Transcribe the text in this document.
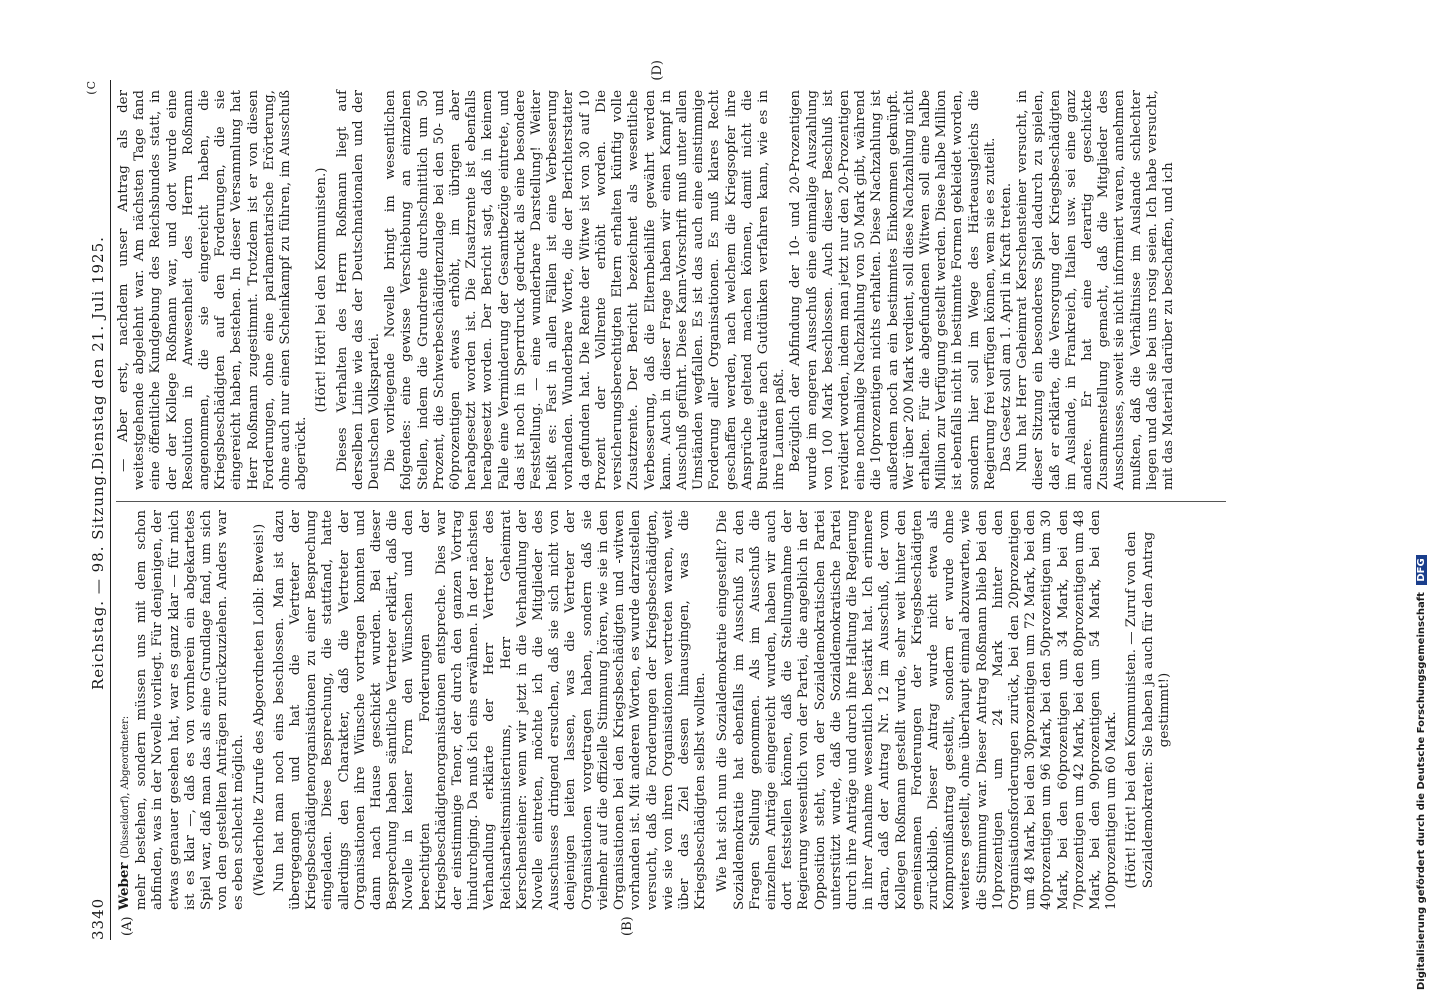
3340
Reichstag. — 98. Sitzung.
Dienstag den 21. Juli 1925.
(C
(A)	(B)
(D)

Weber (Düsseldorf), Abgeordneter: mehr bestehen, sondern müssen uns mit dem schon abfinden, was in der Novelle vorliegt. Für denjenigen, der etwas genauer gesehen hat, war es ganz klar — für mich ist es klar —, daß es von vornherein ein abgekartetes Spiel war, daß man das als eine Grundlage fand, um sich von den gestellten Anträgen zurückzuziehen. Anders war es eben schlecht möglich. (Wiederholte Zurufe des Abgeordneten Loibl: Beweis!) Nun hat man noch eins beschlossen. Man ist dazu übergegangen und hat die Vertreter der Kriegsbeschädigtenorganisationen zu einer Besprechung eingeladen. Diese Besprechung, die stattfand, hatte allerdings den Charakter, daß die Vertreter der Organisationen ihre Wünsche vortragen konnten und dann nach Hause geschickt wurden. Bei dieser Besprechung haben sämtliche Vertreter erklärt, daß die Novelle in keiner Form den Wünschen und den berechtigten Forderungen der Kriegsbeschädigtenorganisationen entspreche. Dies war der einstimmige Tenor, der durch den ganzen Vortrag hindurchging. Da muß ich eins erwähnen. In der nächsten Verhandlung erklärte der Herr Vertreter des Reichsarbeitsministeriums, Herr Geheimrat Kerschensteiner: wenn wir jetzt in die Verhandlung der Novelle eintreten, möchte ich die Mitglieder des Ausschusses dringend ersuchen, daß sie sich nicht von denjenigen leiten lassen, was die Vertreter der Organisationen vorgetragen haben, sondern daß sie vielmehr auf die offizielle Stimmung hören, wie sie in den Organisationen bei den Kriegsbeschädigten und -witwen vorhanden ist. Mit anderen Worten, es wurde darzustellen versucht, daß die Forderungen der Kriegsbeschädigten, wie sie von ihren Organisationen vertreten waren, weit über das Ziel dessen hinausgingen, was die Kriegsbeschädigten selbst wollten. Wie hat sich nun die Sozialdemokratie eingestellt? Die Sozialdemokratie hat ebenfalls im Ausschuß zu den Fragen Stellung genommen. Als im Ausschuß die einzelnen Anträge eingereicht wurden, haben wir auch dort feststellen können, daß die Stellungnahme der Regierung wesentlich von der Partei, die angeblich in der Opposition steht, von der Sozialdemokratischen Partei unterstützt wurde, daß die Sozialdemokratische Partei durch ihre Anträge und durch ihre Haltung die Regierung in ihrer Annahme wesentlich bestärkt hat. Ich erinnere daran, daß der Antrag Nr. 12 im Ausschuß, der vom Kollegen Roßmann gestellt wurde, sehr weit hinter den gemeinsamen Forderungen der Kriegsbeschädigten zurückblieb. Dieser Antrag wurde nicht etwa als Kompromißantrag gestellt, sondern er wurde ohne weiteres gestellt, ohne überhaupt einmal abzuwarten, wie die Stimmung war. Dieser Antrag Roßmann blieb bei den 10prozentigen um 24 Mark hinter den Organisationsforderungen zurück, bei den 20prozentigen um 48 Mark, bei den 30prozentigen um 72 Mark, bei den 40prozentigen um 96 Mark, bei den 50prozentigen um 30 Mark, bei den 60prozentigen um 34 Mark, bei den 70prozentigen um 42 Mark, bei den 80prozentigen um 48 Mark, bei den 90prozentigen um 54 Mark, bei den 100prozentigen um 60 Mark. (Hört! Hört! bei den Kommunisten. — Zuruf von den Sozialdemokraten: Sie haben ja auch für den Antrag gestimmt!)

— Aber erst, nachdem unser Antrag als der weitestgehende abgelehnt war. Am nächsten Tage fand eine öffentliche Kundgebung des Reichsbundes statt, in der der Kollege Roßmann war, und dort wurde eine Resolution in Anwesenheit des Herrn Roßmann angenommen, die sie eingereicht haben, die Kriegsbeschädigten auf den Forderungen, die sie eingereicht haben, bestehen. In dieser Versammlung hat Herr Roßmann zugestimmt. Trotzdem ist er von diesen Forderungen, ohne eine parlamentarische Erörterung, ohne auch nur einen Scheinkampf zu führen, im Ausschuß abgerückt.

(Hört! Hört! bei den Kommunisten.) Dieses Verhalten des Herrn Roßmann liegt auf derselben Linie wie das der Deutschnationalen und der Deutschen Volkspartei. Die vorliegende Novelle bringt im wesentlichen folgendes: eine gewisse Verschiebung an einzelnen Stellen, indem die Grundrente durchschnittlich um 50 Prozent, die Schwerbeschädigtenzulage bei den 50- und 60prozentigen etwas erhöht, im übrigen aber herabgesetzt worden ist. Die Zusatzrente ist ebenfalls herabgesetzt worden. Der Bericht sagt, daß in keinem Falle eine Verminderung der Gesamtbezüge eintrete, und das ist noch in Sperrdruck gedruckt als eine besondere Feststellung. — eine wunderbare Darstellung! Weiter heißt es: Fast in allen Fällen ist eine Verbesserung vorhanden. Wunderbare Worte, die der Berichterstatter da gefunden hat. Die Rente der Witwe ist von 30 auf 10 Prozent der Vollrente erhöht worden. Die versicherungsberechtigten Eltern erhalten künftig volle Zusatzrente. Der Bericht bezeichnet als wesentliche Verbesserung, daß die Elternbeihilfe gewährt werden kann. Auch in dieser Frage haben wir einen Kampf in Ausschuß geführt. Diese Kann-Vorschrift muß unter allen Umständen wegfallen. Es ist das auch eine einstimmige Forderung aller Organisationen. Es muß klares Recht geschaffen werden, nach welchem die Kriegsopfer ihre Ansprüche geltend machen können, damit nicht die Bureaukratie nach Gutdünken verfahren kann, wie es in ihre Launen paßt. Bezüglich der Abfindung der 10- und 20-Prozentigen wurde im engeren Ausschuß eine einmalige Auszahlung von 100 Mark beschlossen. Auch dieser Beschluß ist revidiert worden, indem man jetzt nur den 20-Prozentigen eine nochmalige Nachzahlung von 50 Mark gibt, während die 10prozentigen nichts erhalten. Diese Nachzahlung ist außerdem noch an ein bestimmtes Einkommen geknüpft. Wer über 200 Mark verdient, soll diese Nachzahlung nicht erhalten. Für die abgefundenen Witwen soll eine halbe Million zur Verfügung gestellt werden. Diese halbe Million ist ebenfalls nicht in bestimmte Formen gekleidet worden, sondern hier soll im Wege des Härteausgleichs die Regierung frei verfügen können, wem sie es zuteilt. Das Gesetz soll am 1. April in Kraft treten. Nun hat Herr Geheimrat Kerschensteiner versucht, in dieser Sitzung ein besonderes Spiel dadurch zu spielen, daß er erklärte, die Versorgung der Kriegsbeschädigten im Auslande, in Frankreich, Italien usw. sei eine ganz andere. Er hat eine derartig geschickte Zusammenstellung gemacht, daß die Mitglieder des Ausschusses, soweit sie nicht informiert waren, annehmen mußten, daß die Verhältnisse im Auslande schlechter liegen und daß sie bei uns rosig seien. Ich habe versucht, mit das Material darüber zu beschaffen, und ich

Digitalisierung gefördert durch die Deutsche Forschungsgemeinschaft DFG
